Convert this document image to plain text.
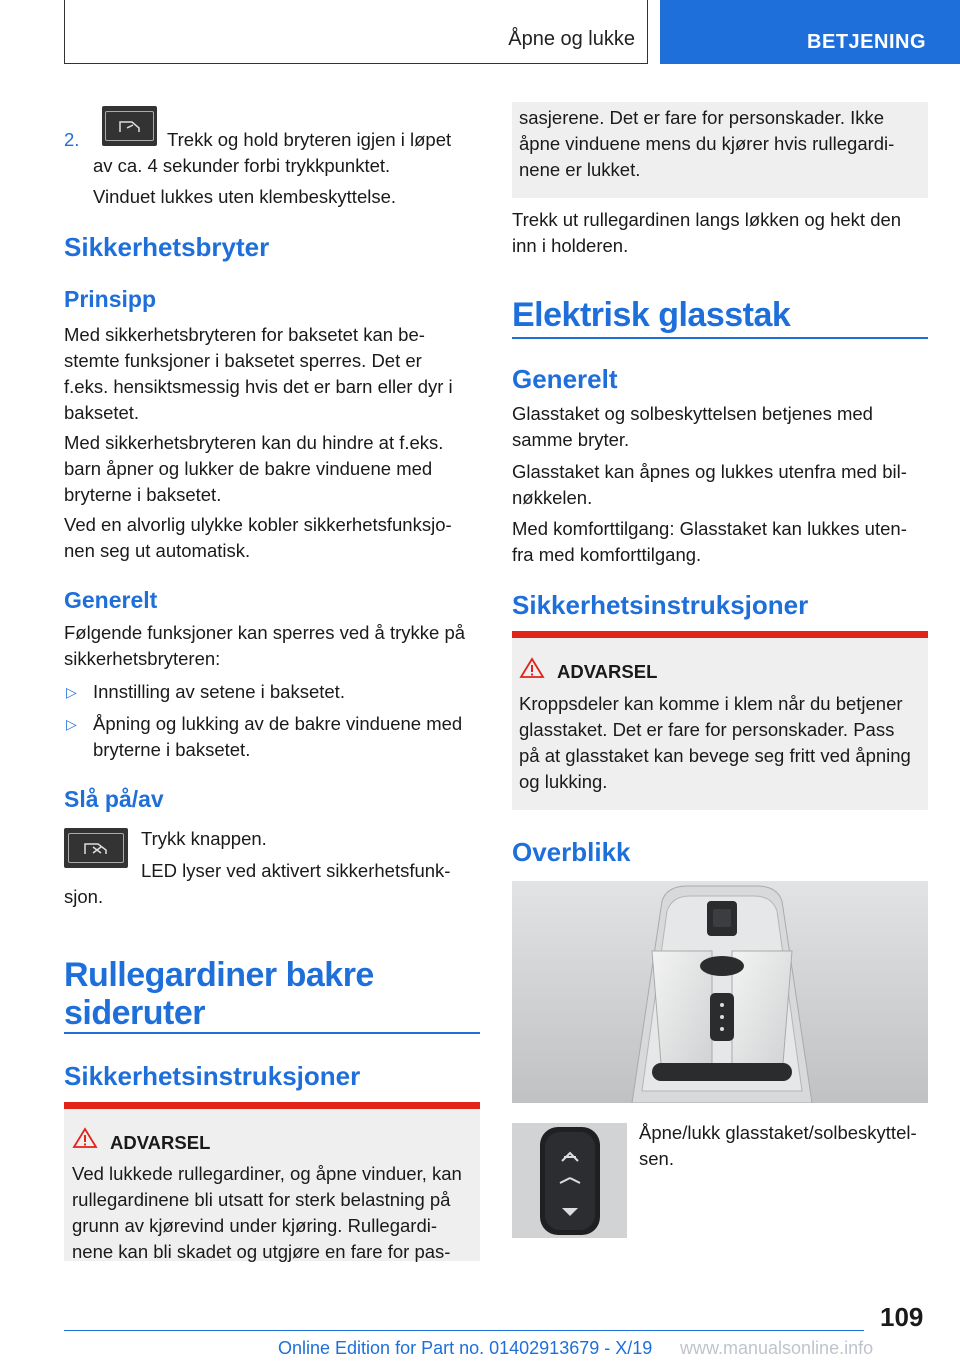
Åpne og lukke	BETJENING
2.	Trekk og hold bryteren igjen i løpet
av ca. 4 sekunder forbi trykkpunktet.
Vinduet lukkes uten klembeskyttelse.
Sikkerhetsbryter
Prinsipp
Med sikkerhetsbryteren for baksetet kan be‐
stemte funksjoner i baksetet sperres. Det er
f.eks. hensiktsmessig hvis det er barn eller dyr i
baksetet.
Med sikkerhetsbryteren kan du hindre at f.eks.
barn åpner og lukker de bakre vinduene med
bryterne i baksetet.
Ved en alvorlig ulykke kobler sikkerhetsfunksjo‐
nen seg ut automatisk.
Generelt
Følgende funksjoner kan sperres ved å trykke på
sikkerhetsbryteren:
▷ Innstilling av setene i baksetet.
▷ Åpning og lukking av de bakre vinduene med
bryterne i baksetet.
Slå på/av
Trykk knappen.
LED lyser ved aktivert sikkerhetsfunk‐
sjon.
Rullegardiner bakre
sideruter
Sikkerhetsinstruksjoner
ADVARSEL
Ved lukkede rullegardiner, og åpne vinduer, kan
rullegardinene bli utsatt for sterk belastning på
grunn av kjørevind under kjøring. Rullegardi‐
nene kan bli skadet og utgjøre en fare for pas‐
sasjerene. Det er fare for personskader. Ikke
åpne vinduene mens du kjører hvis rullegardi‐
nene er lukket.
Trekk ut rullegardinen langs løkken og hekt den
inn i holderen.
Elektrisk glasstak
Generelt
Glasstaket og solbeskyttelsen betjenes med
samme bryter.
Glasstaket kan åpnes og lukkes utenfra med bil‐
nøkkelen.
Med komforttilgang: Glasstaket kan lukkes uten‐
fra med komforttilgang.
Sikkerhetsinstruksjoner
ADVARSEL
Kroppsdeler kan komme i klem når du betjener
glasstaket. Det er fare for personskader. Pass
på at glasstaket kan bevege seg fritt ved åpning
og lukking.
Overblikk
Åpne/lukk glasstaket/solbeskyttel‐
sen.
109
Online Edition for Part no. 01402913679 - X/19 www.manualsonline.info
